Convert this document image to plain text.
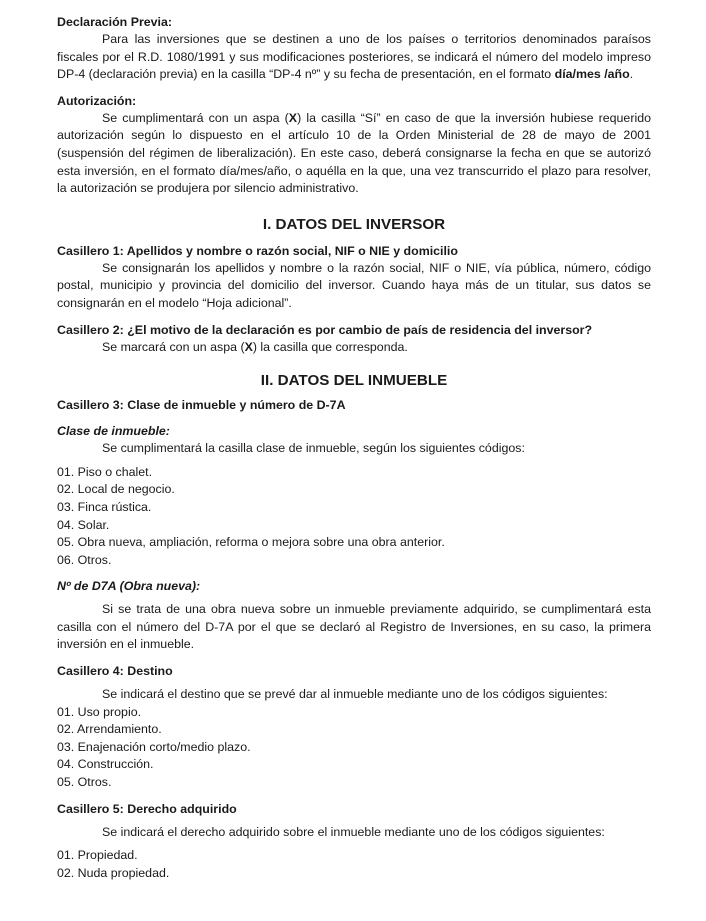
Declaración Previa:

Para las inversiones que se destinen a uno de los países o territorios denominados paraísos fiscales por el R.D. 1080/1991 y sus modificaciones posteriores, se indicará el número del modelo impreso DP-4 (declaración previa) en la casilla “DP-4 nº” y su fecha de presentación, en el formato día/mes /año.

Autorización:

Se cumplimentará con un aspa (X) la casilla “Sí” en caso de que la inversión hubiese requerido autorización según lo dispuesto en el artículo 10 de la Orden Ministerial de 28 de mayo de 2001 (suspensión del régimen de liberalización). En este caso, deberá consignarse la fecha en que se autorizó esta inversión, en el formato día/mes/año, o aquélla en la que, una vez transcurrido el plazo para resolver, la autorización se produjera por silencio administrativo.

I. DATOS DEL INVERSOR
Casillero 1: Apellidos y nombre o razón social, NIF o NIE y domicilio

Se consignarán los apellidos y nombre o la razón social, NIF o NIE, vía pública, número, código postal, municipio y provincia del domicilio del inversor. Cuando haya más de un titular, sus datos se consignarán en el modelo “Hoja adicional”.

Casillero 2: ¿El motivo de la declaración es por cambio de país de residencia del inversor?

Se marcará con un aspa (X) la casilla que corresponda.

II. DATOS DEL INMUEBLE
Casillero 3: Clase de inmueble y número de D-7A
Clase de inmueble:

Se cumplimentará la casilla clase de inmueble, según los siguientes códigos:

01. Piso o chalet.
02. Local de negocio.
03. Finca rústica.
04. Solar.
05. Obra nueva, ampliación, reforma o mejora sobre una obra anterior.
06. Otros.
Nº de D7A (Obra nueva):

Si se trata de una obra nueva sobre un inmueble previamente adquirido, se cumplimentará esta casilla con el número del D-7A por el que se declaró al Registro de Inversiones, en su caso, la primera inversión en el inmueble.

Casillero 4: Destino

Se indicará el destino que se prevé dar al inmueble mediante uno de los códigos siguientes:

01. Uso propio.
02. Arrendamiento.
03. Enajenación corto/medio plazo.
04. Construcción.
05. Otros.
Casillero 5: Derecho adquirido

Se indicará el derecho adquirido sobre el inmueble mediante uno de los códigos siguientes:

01. Propiedad.
02. Nuda propiedad.
